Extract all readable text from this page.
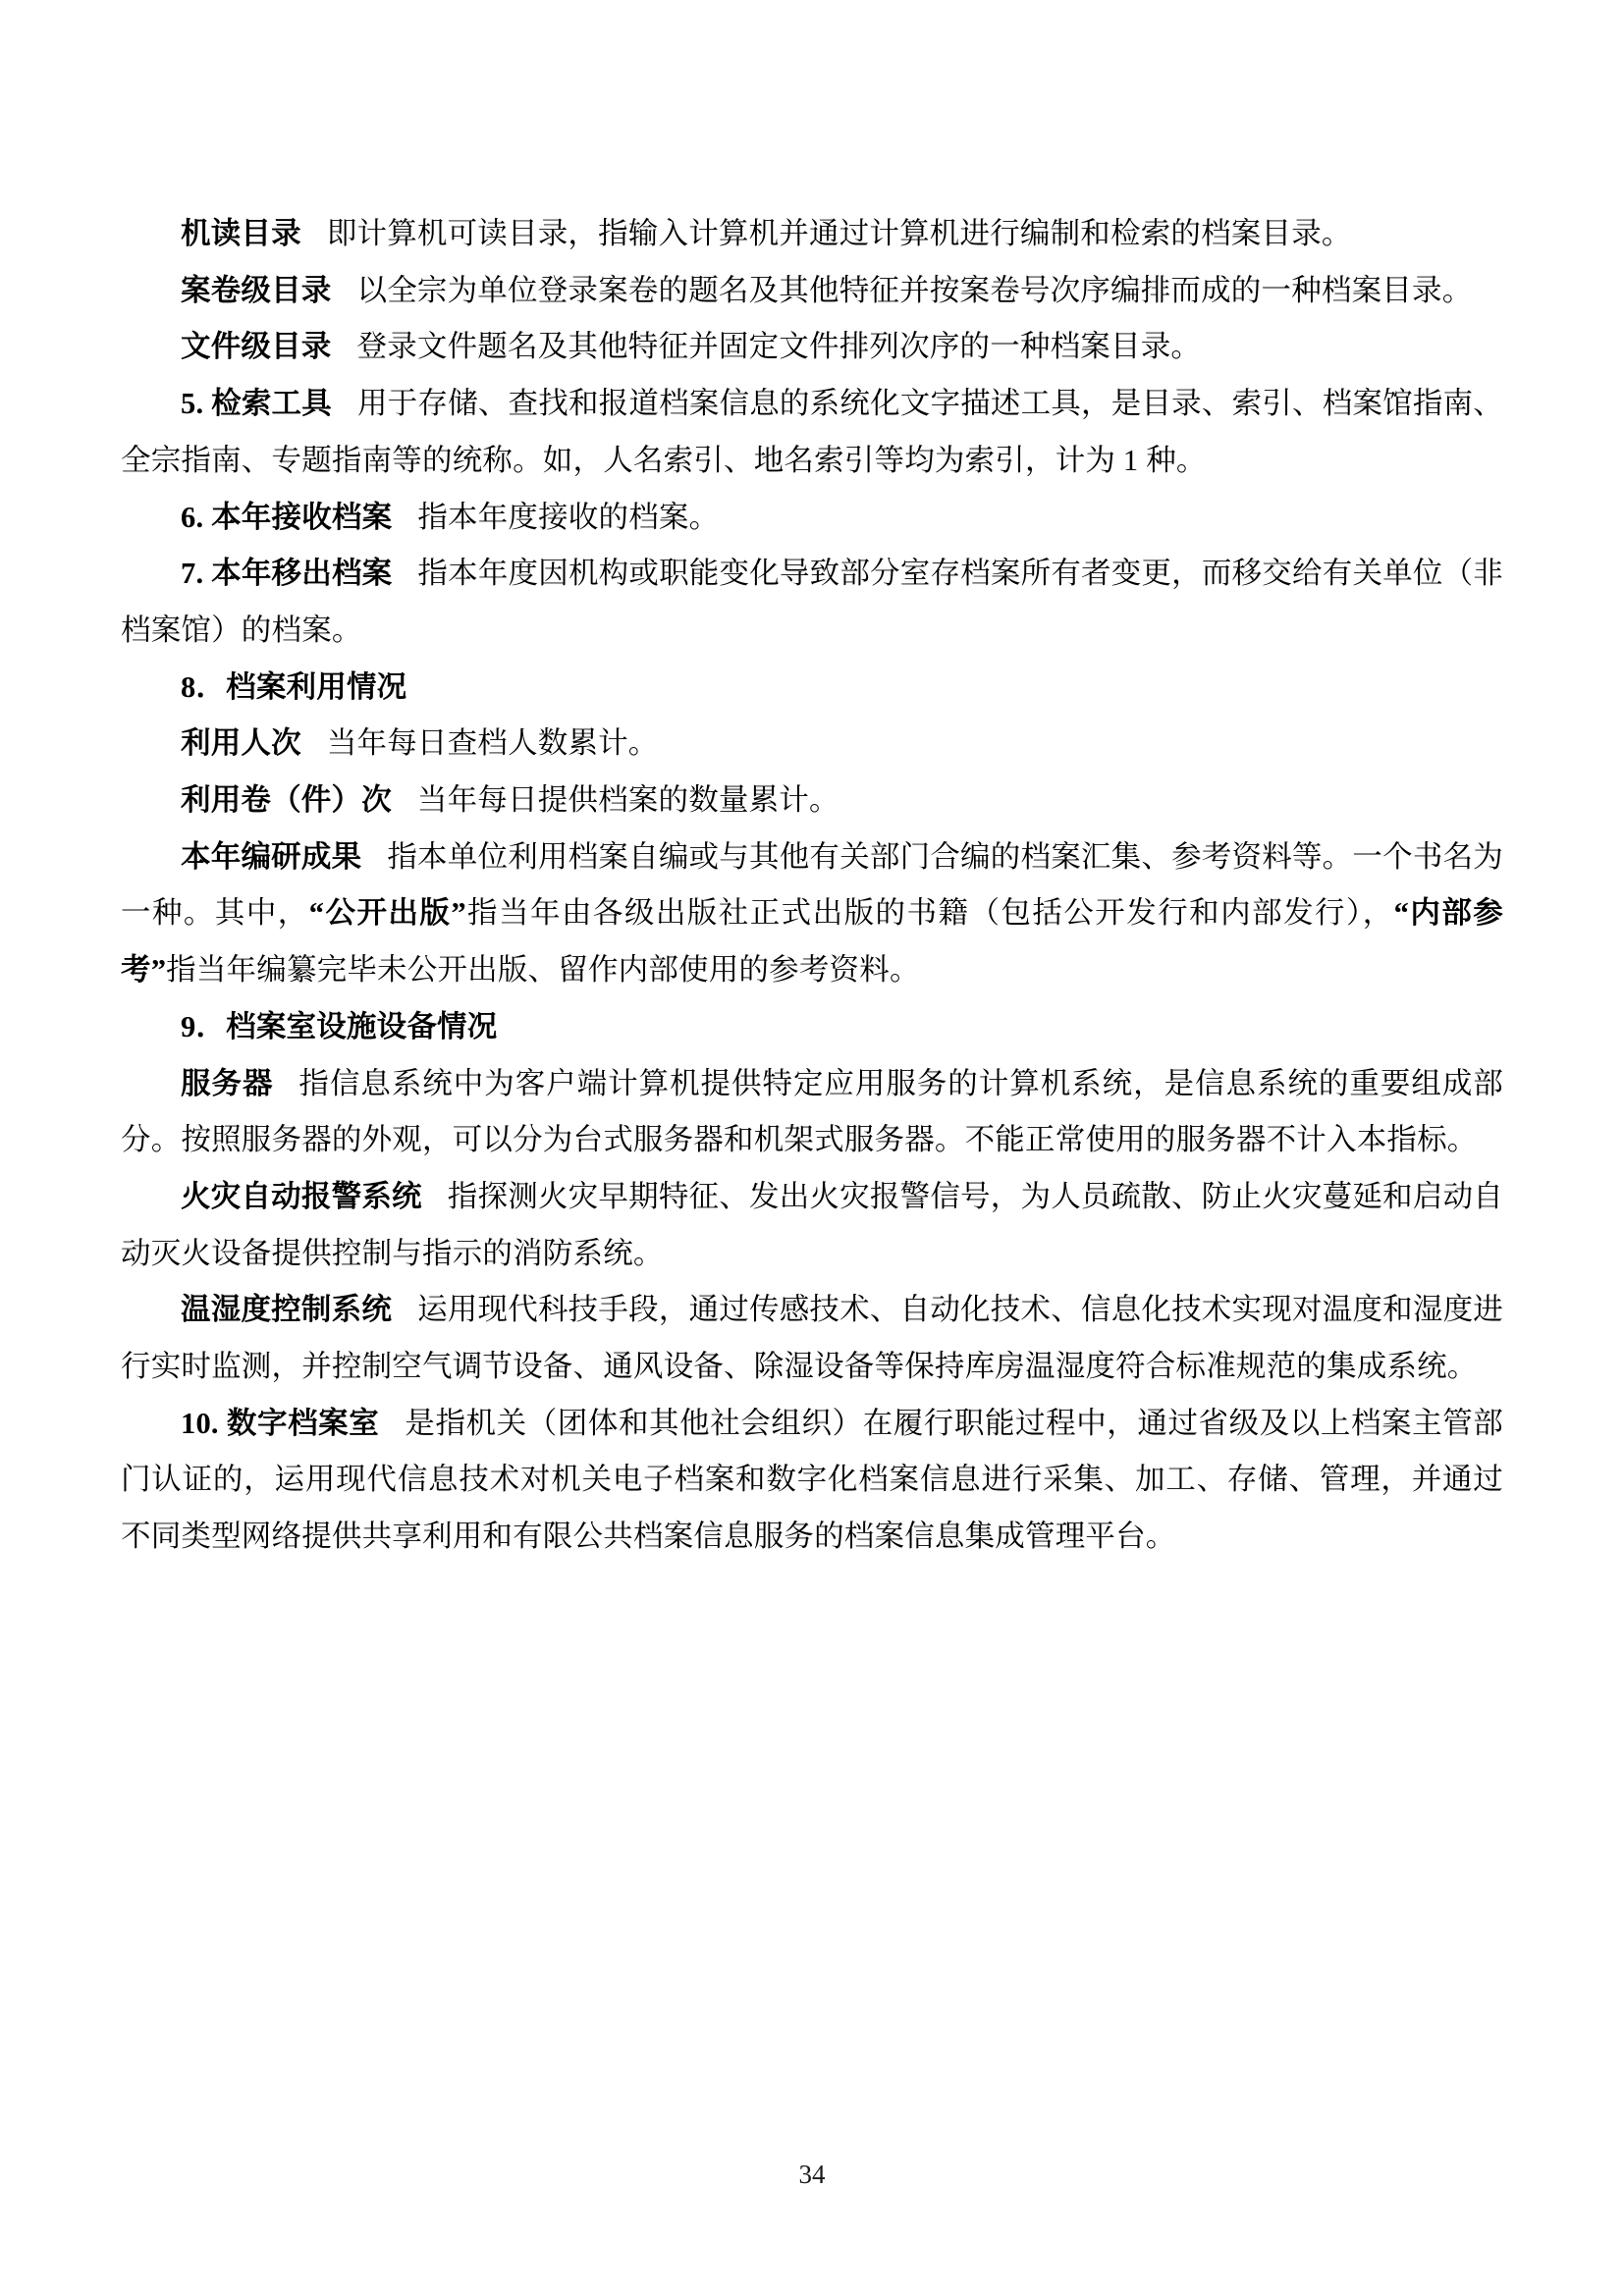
机读目录 即计算机可读目录，指输入计算机并通过计算机进行编制和检索的档案目录。

案卷级目录 以全宗为单位登录案卷的题名及其他特征并按案卷号次序编排而成的一种档案目录。

文件级目录 登录文件题名及其他特征并固定文件排列次序的一种档案目录。

5. 检索工具 用于存储、查找和报道档案信息的系统化文字描述工具，是目录、索引、档案馆指南、全宗指南、专题指南等的统称。如，人名索引、地名索引等均为索引，计为 1 种。

6. 本年接收档案 指本年度接收的档案。

7. 本年移出档案 指本年度因机构或职能变化导致部分室存档案所有者变更，而移交给有关单位（非档案馆）的档案。

8．档案利用情况

利用人次 当年每日查档人数累计。

利用卷（件）次 当年每日提供档案的数量累计。

本年编研成果 指本单位利用档案自编或与其他有关部门合编的档案汇集、参考资料等。一个书名为一种。其中，“公开出版”指当年由各级出版社正式出版的书籍（包括公开发行和内部发行），“内部参考”指当年编纂完毕未公开出版、留作内部使用的参考资料。

9．档案室设施设备情况

服务器 指信息系统中为客户端计算机提供特定应用服务的计算机系统，是信息系统的重要组成部分。按照服务器的外观，可以分为台式服务器和机架式服务器。不能正常使用的服务器不计入本指标。

火灾自动报警系统 指探测火灾早期特征、发出火灾报警信号，为人员疏散、防止火灾蔓延和启动自动灭火设备提供控制与指示的消防系统。

温湿度控制系统 运用现代科技手段，通过传感技术、自动化技术、信息化技术实现对温度和湿度进行实时监测，并控制空气调节设备、通风设备、除湿设备等保持库房温湿度符合标准规范的集成系统。

10. 数字档案室 是指机关（团体和其他社会组织）在履行职能过程中，通过省级及以上档案主管部门认证的，运用现代信息技术对机关电子档案和数字化档案信息进行采集、加工、存储、管理，并通过不同类型网络提供共享利用和有限公共档案信息服务的档案信息集成管理平台。

34
